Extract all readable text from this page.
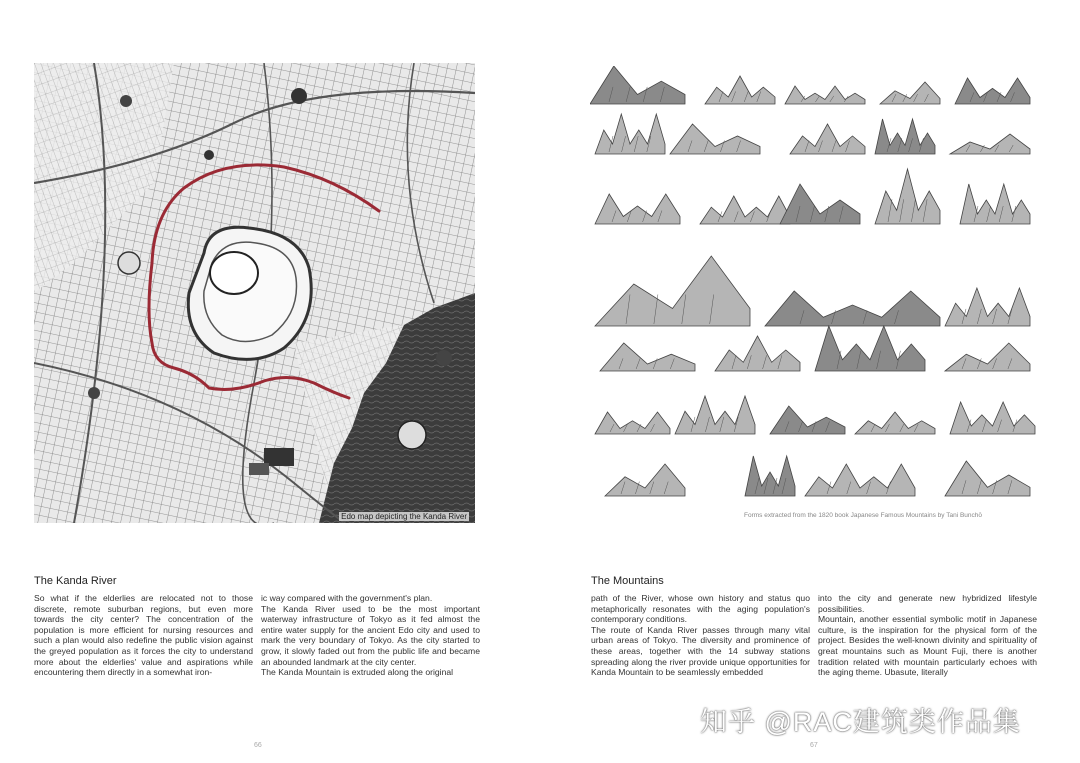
Edo map depicting the Kanda River
The Kanda River

So what if the elderlies are relocated not to those discrete, remote suburban regions, but even more towards the city center? The concentration of the population is more efficient for nursing resources and such a plan would also redefine the public vision against the greyed population as it forces the city to understand more about the elderlies' value and aspirations while encountering them directly in a somewhat iron-

ic way compared with the government's plan.

The Kanda River used to be the most important waterway infrastructure of Tokyo as it fed almost the entire water supply for the ancient Edo city and used to mark the very boundary of Tokyo. As the city started to grow, it slowly faded out from the public life and became an abounded landmark at the city center.

The Kanda Mountain is extruded along the original

66
Forms extracted from the 1820 book Japanese Famous Mountains by Tani Bunchō
The Mountains

path of the River, whose own history and status quo metaphorically resonates with the aging population's contemporary conditions.

The route of Kanda River passes through many vital urban areas of Tokyo. The diversity and prominence of these areas, together with the 14 subway stations spreading along the river provide unique opportunities for Kanda Mountain to be seamlessly embedded

into the city and generate new hybridized lifestyle possibilities.

Mountain, another essential symbolic motif in Japanese culture, is the inspiration for the physical form of the project. Besides the well-known divinity and spirituality of great mountains such as Mount Fuji, there is another tradition related with mountain particularly echoes with the aging theme. Ubasute, literally

67
知乎 @RAC建筑类作品集
